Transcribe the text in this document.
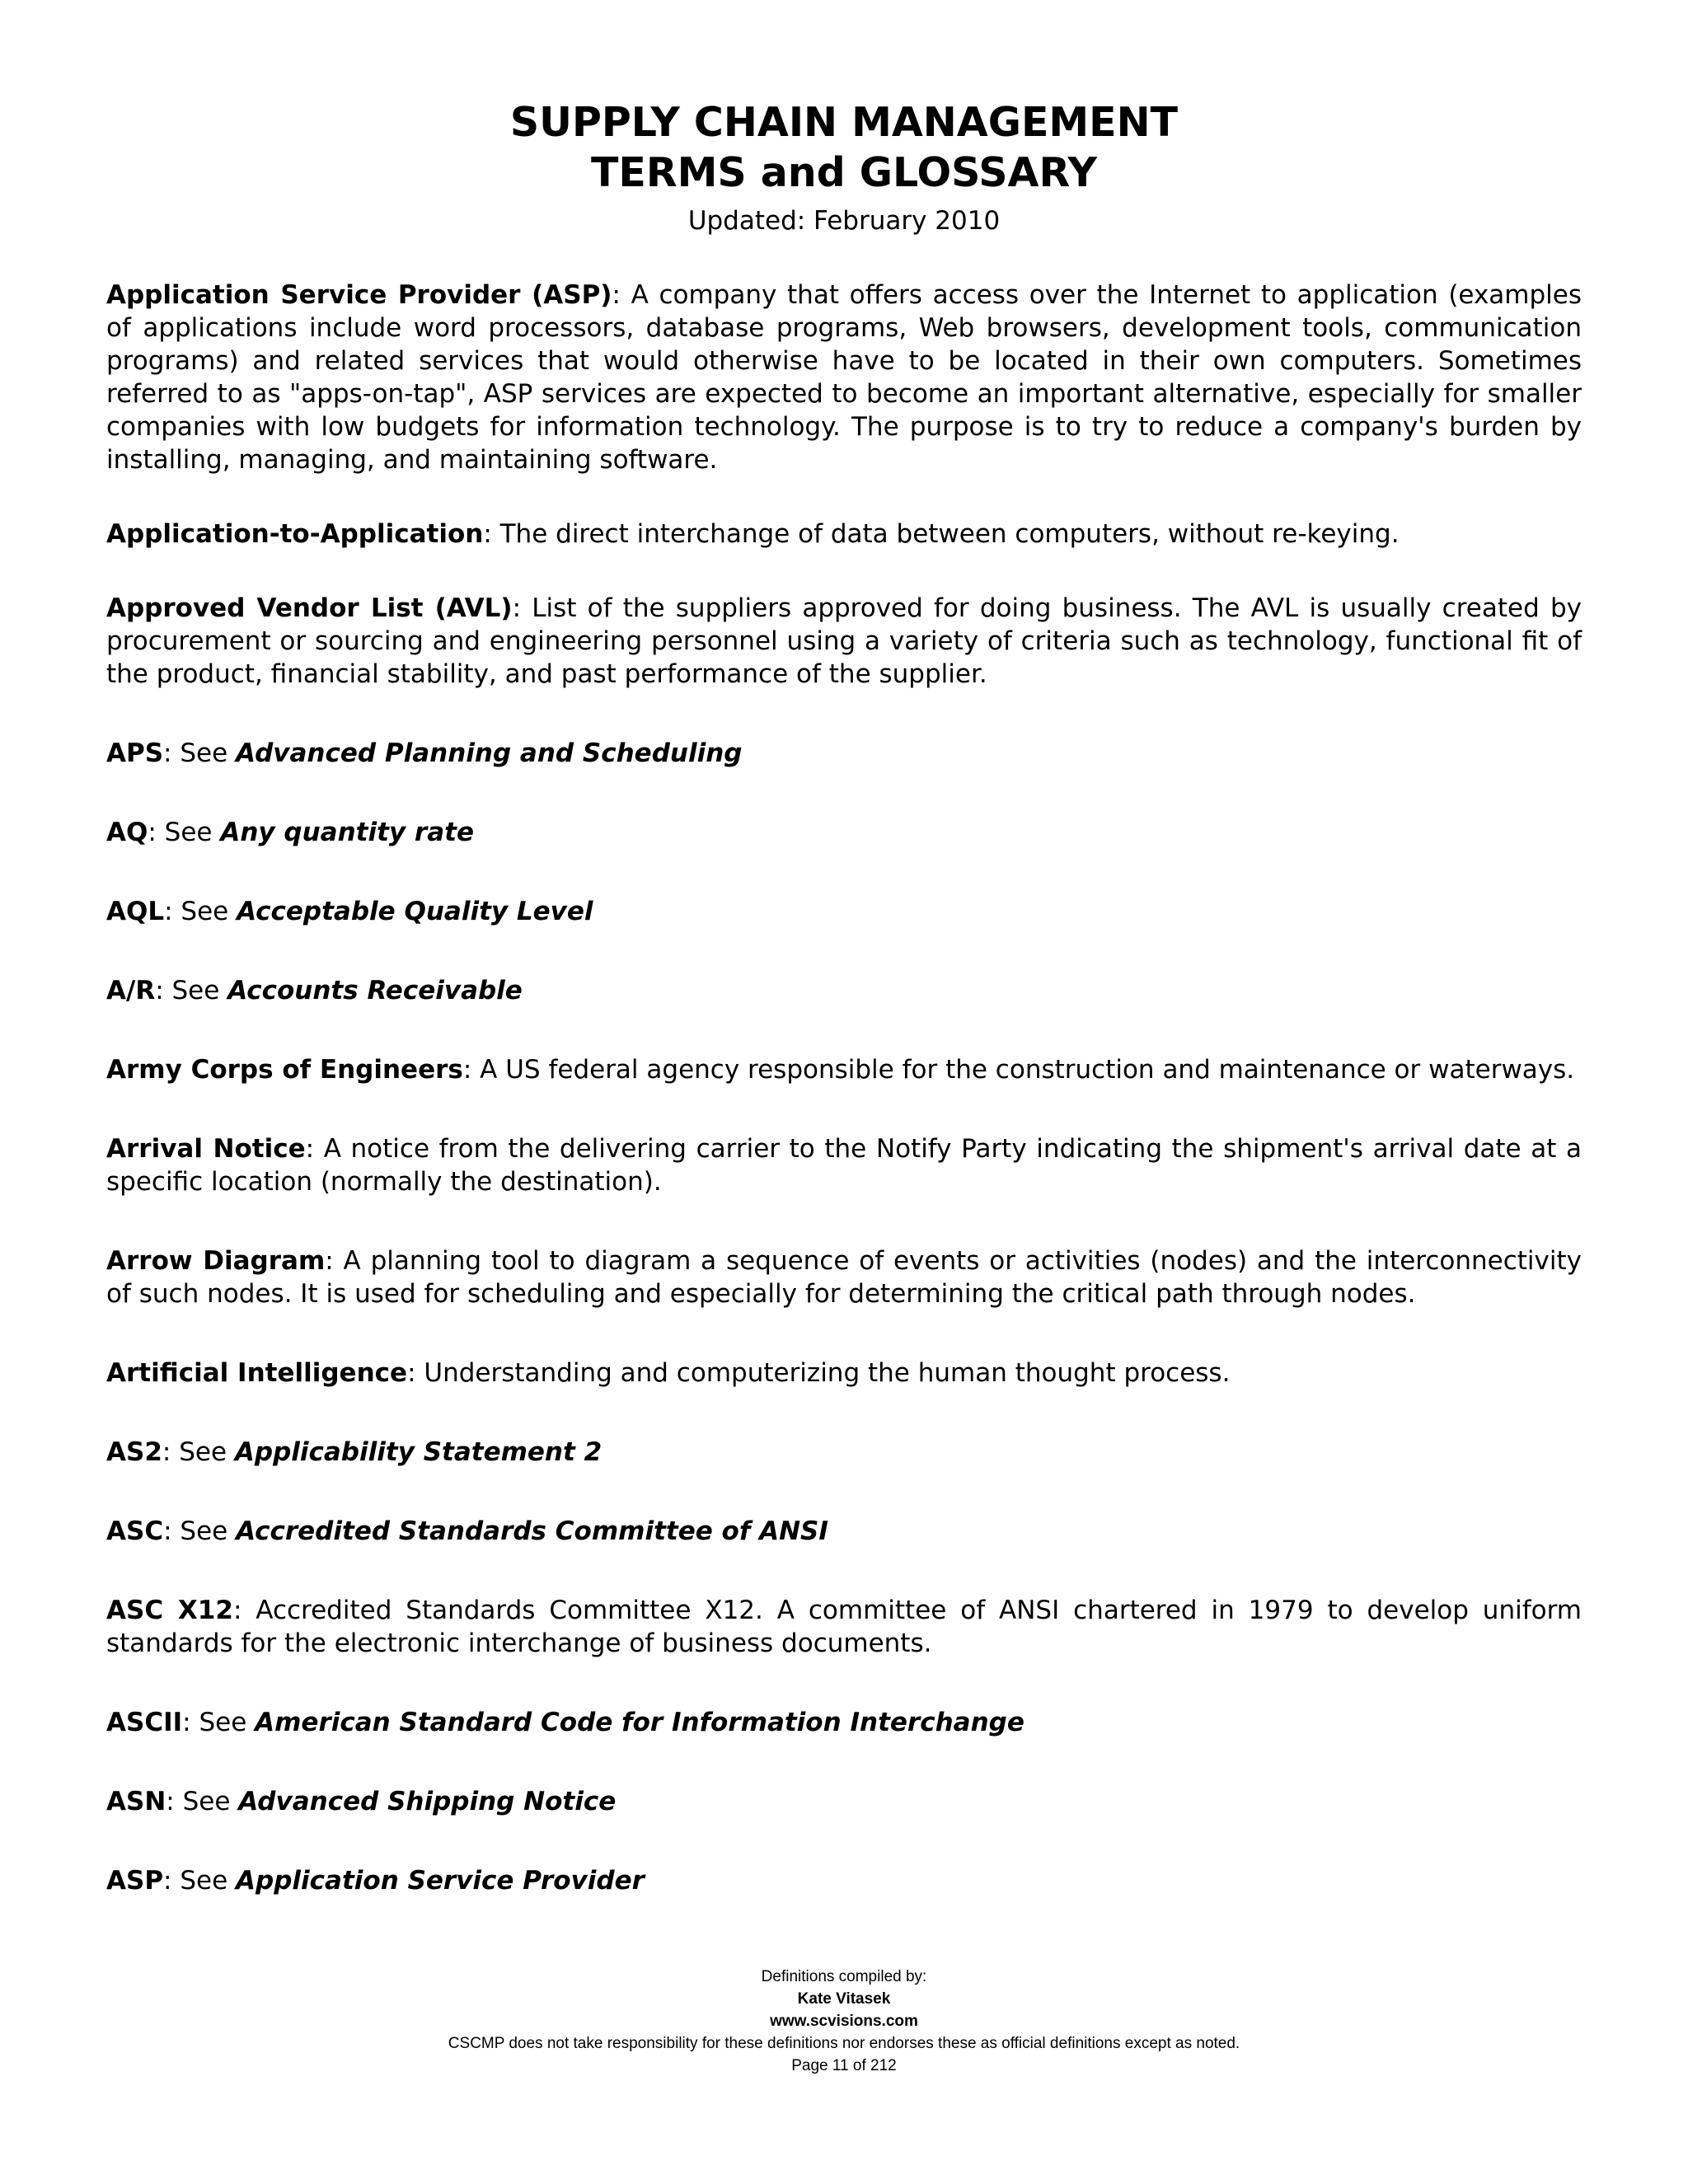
SUPPLY CHAIN MANAGEMENT
TERMS and GLOSSARY
Updated: February 2010

Application Service Provider (ASP): A company that offers access over the Internet to application (examples of applications include word processors, database programs, Web browsers, development tools, communication programs) and related services that would otherwise have to be located in their own computers. Sometimes referred to as "apps-on-tap", ASP services are expected to become an important alternative, especially for smaller companies with low budgets for information technology. The purpose is to try to reduce a company's burden by installing, managing, and maintaining software.

Application-to-Application: The direct interchange of data between computers, without re-keying.

Approved Vendor List (AVL): List of the suppliers approved for doing business. The AVL is usually created by procurement or sourcing and engineering personnel using a variety of criteria such as technology, functional fit of the product, financial stability, and past performance of the supplier.

APS: See Advanced Planning and Scheduling

AQ: See Any quantity rate

AQL: See Acceptable Quality Level

A/R: See Accounts Receivable

Army Corps of Engineers: A US federal agency responsible for the construction and maintenance or waterways.

Arrival Notice: A notice from the delivering carrier to the Notify Party indicating the shipment's arrival date at a specific location (normally the destination).

Arrow Diagram: A planning tool to diagram a sequence of events or activities (nodes) and the interconnectivity of such nodes. It is used for scheduling and especially for determining the critical path through nodes.

Artificial Intelligence: Understanding and computerizing the human thought process.

AS2: See Applicability Statement 2

ASC: See Accredited Standards Committee of ANSI

ASC X12: Accredited Standards Committee X12. A committee of ANSI chartered in 1979 to develop uniform standards for the electronic interchange of business documents.

ASCII: See American Standard Code for Information Interchange

ASN: See Advanced Shipping Notice

ASP: See Application Service Provider

Definitions compiled by:
Kate Vitasek
www.scvisions.com
CSCMP does not take responsibility for these definitions nor endorses these as official definitions except as noted.
Page 11 of 212
